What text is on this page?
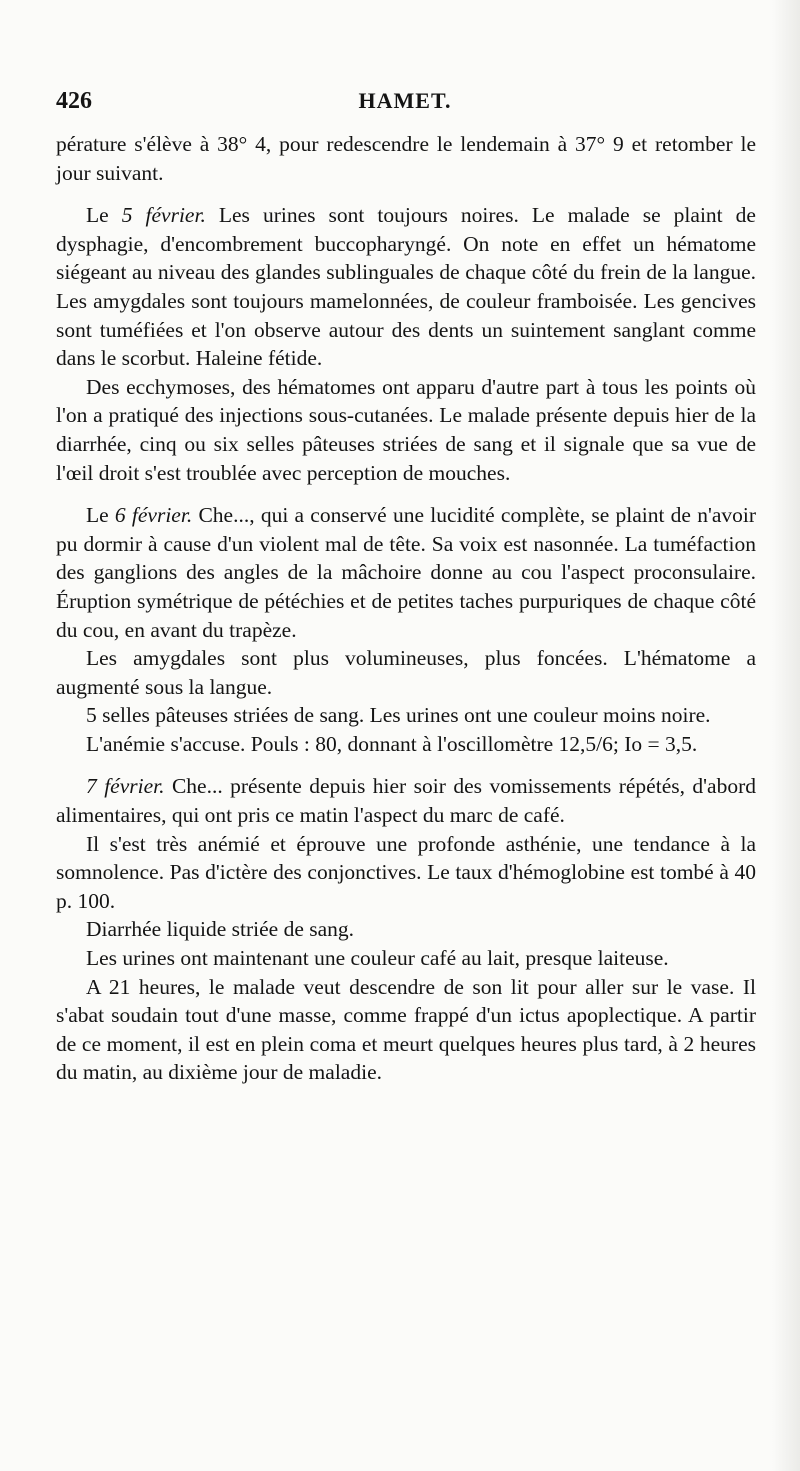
426	HAMET.

pérature s'élève à 38° 4, pour redescendre le lendemain à 37° 9 et retomber le jour suivant.

Le 5 février. Les urines sont toujours noires. Le malade se plaint de dysphagie, d'encombrement buccopharyngé. On note en effet un hématome siégeant au niveau des glandes sublinguales de chaque côté du frein de la langue. Les amygdales sont toujours mamelonnées, de couleur framboisée. Les gencives sont tuméfiées et l'on observe autour des dents un suintement sanglant comme dans le scorbut. Haleine fétide.

Des ecchymoses, des hématomes ont apparu d'autre part à tous les points où l'on a pratiqué des injections sous-cutanées. Le malade présente depuis hier de la diarrhée, cinq ou six selles pâteuses striées de sang et il signale que sa vue de l'œil droit s'est troublée avec perception de mouches.

Le 6 février. Che..., qui a conservé une lucidité complète, se plaint de n'avoir pu dormir à cause d'un violent mal de tête. Sa voix est nasonnée. La tuméfaction des ganglions des angles de la mâchoire donne au cou l'aspect proconsulaire. Éruption symétrique de pétéchies et de petites taches purpuriques de chaque côté du cou, en avant du trapèze.

Les amygdales sont plus volumineuses, plus foncées. L'hématome a augmenté sous la langue.

5 selles pâteuses striées de sang. Les urines ont une couleur moins noire.

L'anémie s'accuse. Pouls : 80, donnant à l'oscillomètre 12,5/6; Io = 3,5.

7 février. Che... présente depuis hier soir des vomissements répétés, d'abord alimentaires, qui ont pris ce matin l'aspect du marc de café.

Il s'est très anémié et éprouve une profonde asthénie, une tendance à la somnolence. Pas d'ictère des conjonctives. Le taux d'hémoglobine est tombé à 40 p. 100.

Diarrhée liquide striée de sang.

Les urines ont maintenant une couleur café au lait, presque laiteuse.

A 21 heures, le malade veut descendre de son lit pour aller sur le vase. Il s'abat soudain tout d'une masse, comme frappé d'un ictus apoplectique. A partir de ce moment, il est en plein coma et meurt quelques heures plus tard, à 2 heures du matin, au dixième jour de maladie.
